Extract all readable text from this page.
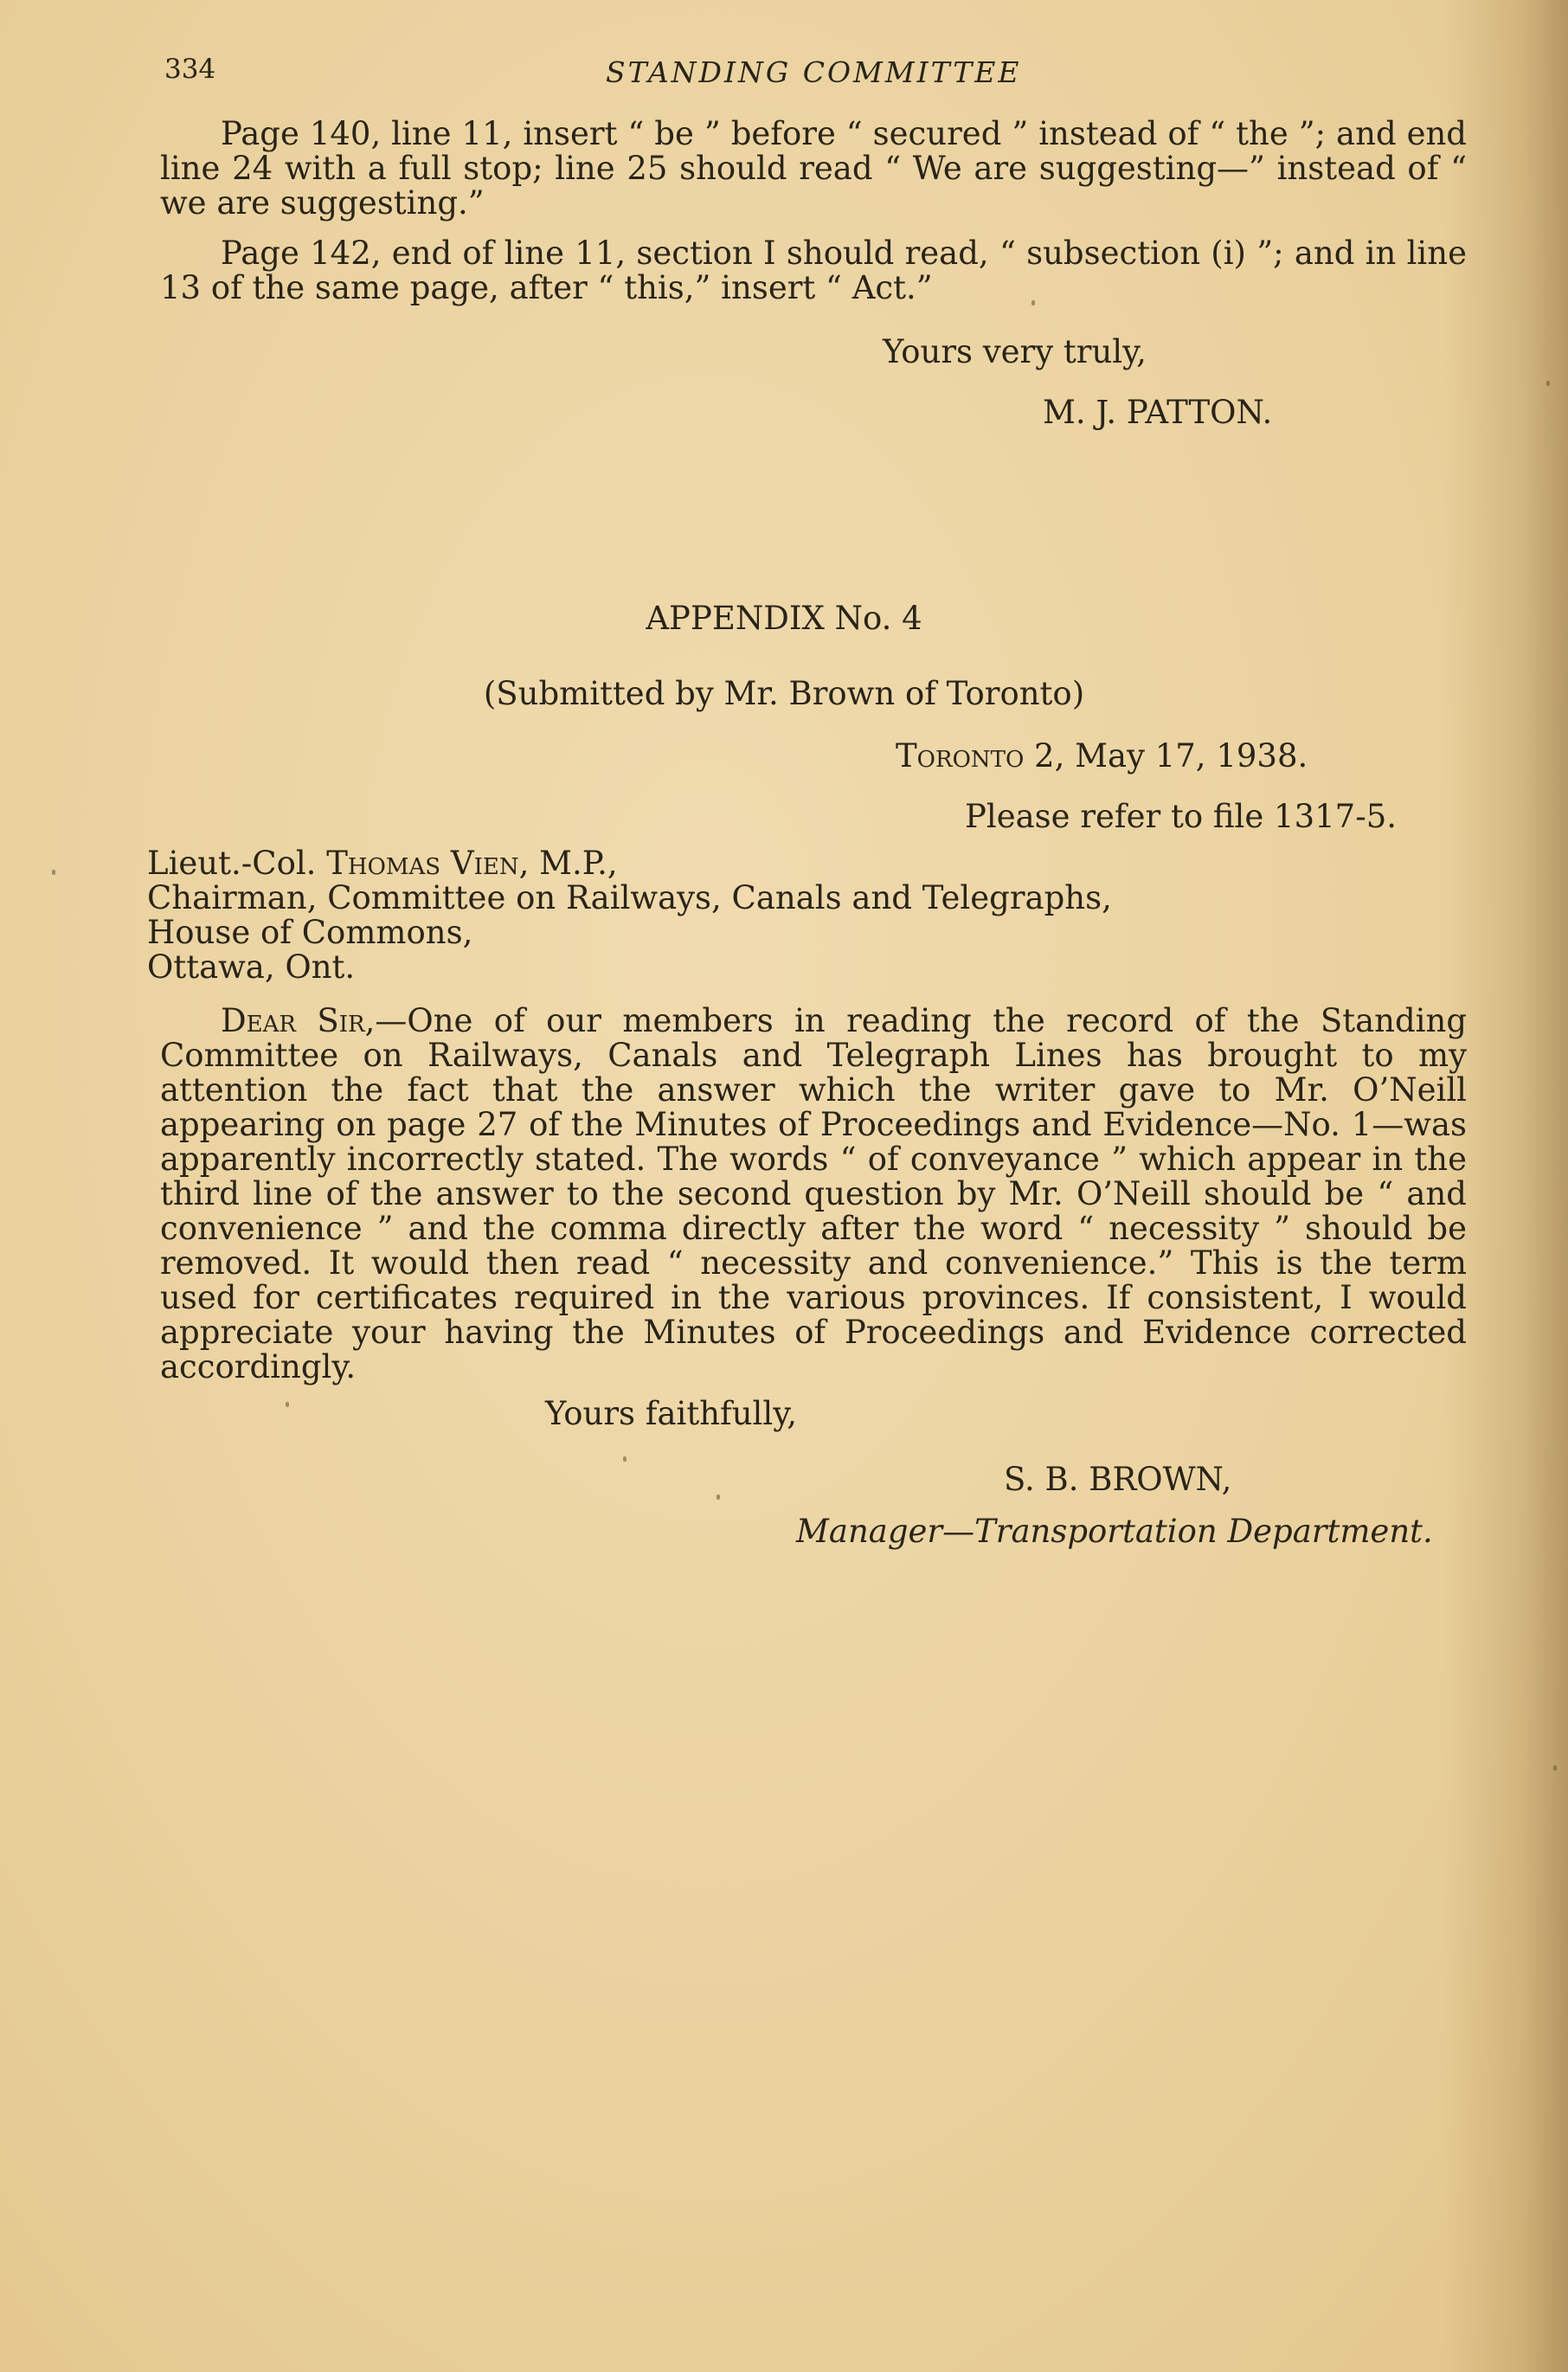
334	STANDING COMMITTEE

Page 140, line 11, insert “ be ” before “ secured ” instead of “ the ”; and end line 24 with a full stop; line 25 should read “ We are suggesting—” instead of “ we are suggesting.”

Page 142, end of line 11, section I should read, “ subsection (i) ”; and in line 13 of the same page, after “ this,” insert “ Act.”

Yours very truly,
M. J. PATTON.
APPENDIX No. 4
(Submitted by Mr. Brown of Toronto)
Toronto 2, May 17, 1938.
Please refer to file 1317-5.
Lieut.-Col. Thomas Vien, M.P.,
Chairman, Committee on Railways, Canals and Telegraphs,
House of Commons,
Ottawa, Ont.

Dear Sir,—One of our members in reading the record of the Standing Committee on Railways, Canals and Telegraph Lines has brought to my attention the fact that the answer which the writer gave to Mr. O’Neill appearing on page 27 of the Minutes of Proceedings and Evidence—No. 1—was apparently incorrectly stated. The words “ of conveyance ” which appear in the third line of the answer to the second question by Mr. O’Neill should be “ and convenience ” and the comma directly after the word “ necessity ” should be removed. It would then read “ necessity and convenience.” This is the term used for certificates required in the various provinces. If consistent, I would appreciate your having the Minutes of Proceedings and Evidence corrected accordingly.

Yours faithfully,
S. B. BROWN,
Manager—Transportation Department.
